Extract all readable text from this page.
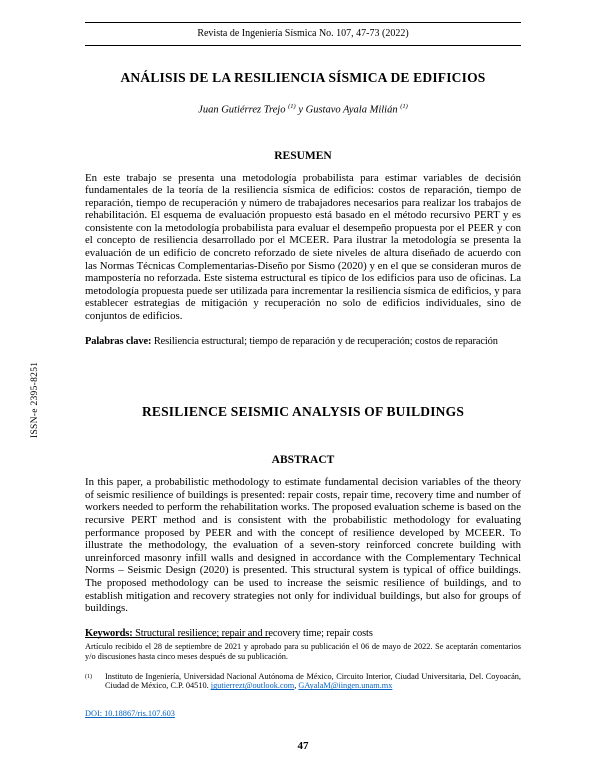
Revista de Ingeniería Sísmica No. 107, 47-73 (2022)
ANÁLISIS DE LA RESILIENCIA SÍSMICA DE EDIFICIOS
Juan Gutiérrez Trejo $^{(1)}$ y Gustavo Ayala Milián $^{(1)}$
RESUMEN

En este trabajo se presenta una metodología probabilista para estimar variables de decisión fundamentales de la teoría de la resiliencia sísmica de edificios: costos de reparación, tiempo de reparación, tiempo de recuperación y número de trabajadores necesarios para realizar los trabajos de rehabilitación. El esquema de evaluación propuesto está basado en el método recursivo PERT y es consistente con la metodología probabilista para evaluar el desempeño propuesta por el PEER y con el concepto de resiliencia desarrollado por el MCEER. Para ilustrar la metodología se presenta la evaluación de un edificio de concreto reforzado de siete niveles de altura diseñado de acuerdo con las Normas Técnicas Complementarias-Diseño por Sismo (2020) y en el que se consideran muros de mampostería no reforzada. Este sistema estructural es típico de los edificios para uso de oficinas. La metodología propuesta puede ser utilizada para incrementar la resiliencia sísmica de edificios, y para establecer estrategias de mitigación y recuperación no solo de edificios individuales, sino de conjuntos de edificios.

Palabras clave: Resiliencia estructural; tiempo de reparación y de recuperación; costos de reparación

RESILIENCE SEISMIC ANALYSIS OF BUILDINGS
ABSTRACT

In this paper, a probabilistic methodology to estimate fundamental decision variables of the theory of seismic resilience of buildings is presented: repair costs, repair time, recovery time and number of workers needed to perform the rehabilitation works. The proposed evaluation scheme is based on the recursive PERT method and is consistent with the probabilistic methodology for evaluating performance proposed by PEER and with the concept of resilience developed by MCEER. To illustrate the methodology, the evaluation of a seven-story reinforced concrete building with unreinforced masonry infill walls and designed in accordance with the Complementary Technical Norms – Seismic Design (2020) is presented. This structural system is typical of office buildings. The proposed methodology can be used to increase the seismic resilience of buildings, and to establish mitigation and recovery strategies not only for individual buildings, but also for groups of buildings.

Keywords: Structural resilience; repair and recovery time; repair costs

Artículo recibido el 28 de septiembre de 2021 y aprobado para su publicación el 06 de mayo de 2022. Se aceptarán comentarios y/o discusiones hasta cinco meses después de su publicación.

(1)	Instituto de Ingeniería, Universidad Nacional Autónoma de México, Circuito Interior, Ciudad Universitaria, Del. Coyoacán, Ciudad de México, C.P. 04510. jgutierrezt@outlook.com, GAyalaM@iingen.unam.mx
DOI: 10.18867/ris.107.603
47
ISSN-e 2395-8251
